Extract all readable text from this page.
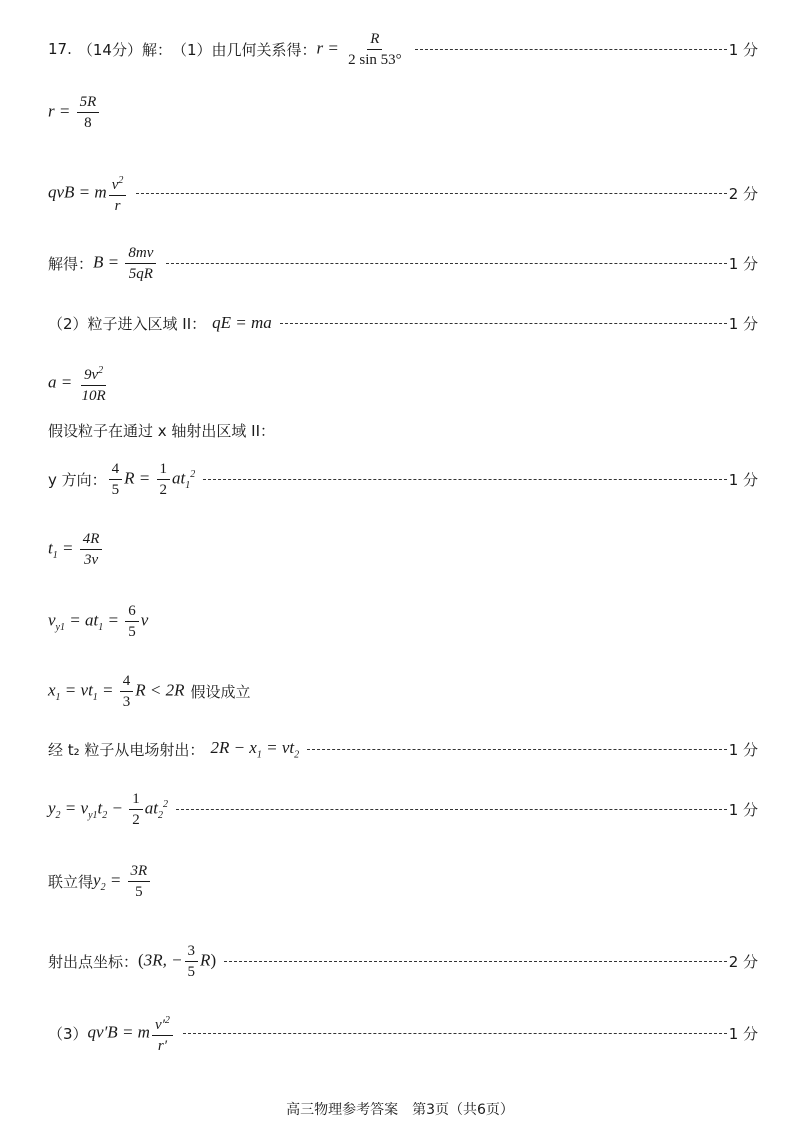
17. （14分） 解： （1） 由几何关系得： $r = \frac{R}{2 \sin 53^\circ}$	1 分
$r = \frac{5R}{8}$
qvB = m $\frac{v^2}{r}$	2 分
解得： $B = \frac{8mv}{5qR}$	1 分
（2）粒子进入区域 II： qE = ma	1 分
$a = \frac{9v^2}{10R}$
假设粒子在通过 x 轴射出区域 II：
y 方向： $\frac{4}{5}$ $R = \frac{1}{2} at_1^2$	1 分
$t_1 = \frac{4R}{3v}$
$v_{y1} = at_1 = \frac{6}{5}$ v
$x_1 = vt_1 = \frac{4}{3}$ R < 2R 假设成立
经 t₂ 粒子从电场射出： $2R - x_1 = vt_2$	1 分
$y_2 = v_{y1}t_2 - \frac{1}{2} at_2^2$	1 分
联立得 $y_2 = \frac{3R}{5}$
射出点坐标： (3R, − $\frac{3}{5} R$)	2 分
（3） qv′B = m $\frac{v'^2}{r'}$	1 分
高三物理参考答案　第3页（共6页）
